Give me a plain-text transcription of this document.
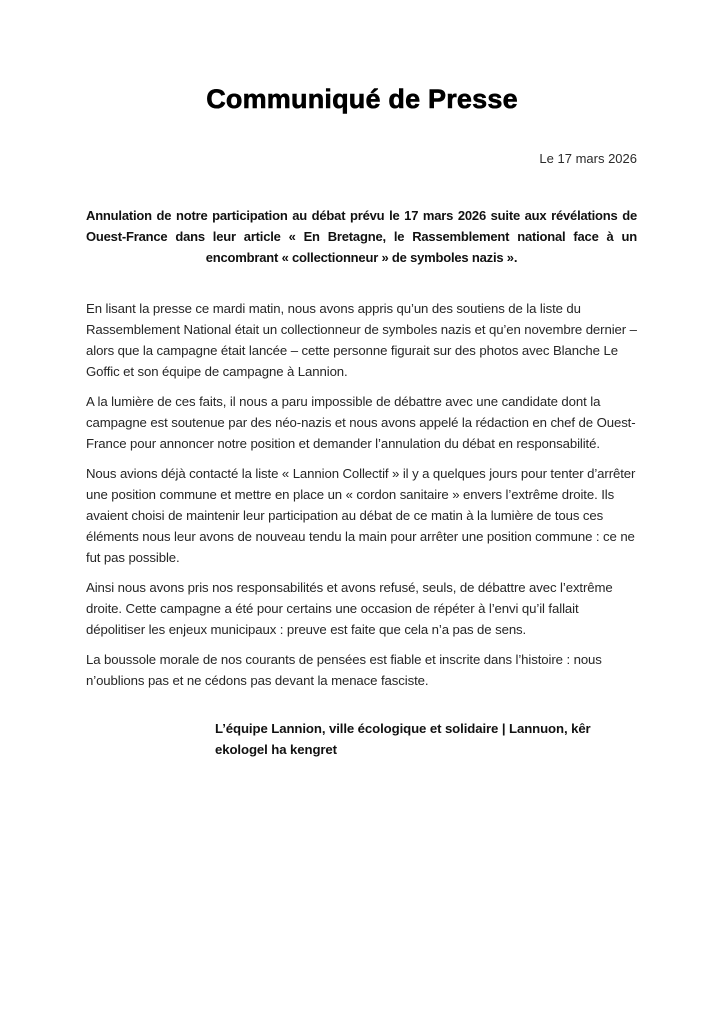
Communiqué de Presse
Le 17 mars 2026
Annulation de notre participation au débat prévu le 17 mars 2026 suite aux révélations de Ouest-France dans leur article « En Bretagne, le Rassemblement national face à un encombrant « collectionneur » de symboles nazis ».

En lisant la presse ce mardi matin, nous avons appris qu’un des soutiens de la liste du Rassemblement National était un collectionneur de symboles nazis et qu’en novembre dernier – alors que la campagne était lancée – cette personne figurait sur des photos avec Blanche Le Goffic et son équipe de campagne à Lannion.

A la lumière de ces faits, il nous a paru impossible de débattre avec une candidate dont la campagne est soutenue par des néo-nazis et nous avons appelé la rédaction en chef de Ouest-France pour annoncer notre position et demander l’annulation du débat en responsabilité.

Nous avions déjà contacté la liste « Lannion Collectif » il y a quelques jours pour tenter d’arrêter une position commune et mettre en place un « cordon sanitaire » envers l’extrême droite. Ils avaient choisi de maintenir leur participation au débat de ce matin à la lumière de tous ces éléments nous leur avons de nouveau tendu la main pour arrêter une position commune : ce ne fut pas possible.

Ainsi nous avons pris nos responsabilités et avons refusé, seuls, de débattre avec l’extrême droite. Cette campagne a été pour certains une occasion de répéter à l’envi qu’il fallait dépolitiser les enjeux municipaux : preuve est faite que cela n’a pas de sens.

La boussole morale de nos courants de pensées est fiable et inscrite dans l’histoire : nous n’oublions pas et ne cédons pas devant la menace fasciste.

L’équipe Lannion, ville écologique et solidaire | Lannuon, kêr ekologel ha kengret
